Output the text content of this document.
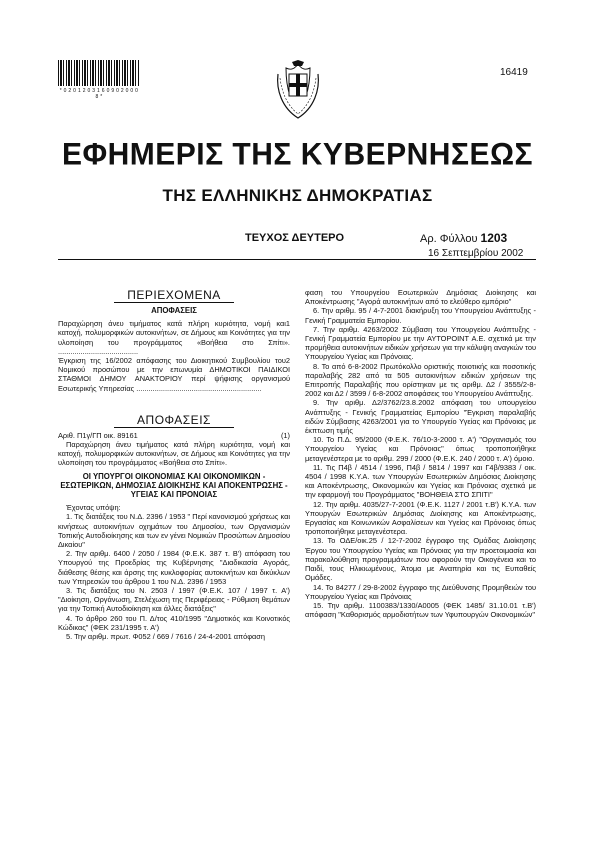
* 0 2 0 1 2 0 3 1 6 0 9 0 2 0 0 0 8 *
16419
ΕΦΗΜΕΡΙΣ ΤΗΣ ΚΥΒΕΡΝΗΣΕΩΣ
ΤΗΣ ΕΛΛΗΝΙΚΗΣ ΔΗΜΟΚΡΑΤΙΑΣ
ΤΕΥΧΟΣ ΔΕΥΤΕΡΟ	Αρ. Φύλλου 1203
16 Σεπτεμβρίου 2002

ΠΕΡΙΕΧΟΜΕΝΑ

ΑΠΟΦΑΣΕΙΣ

1
Παραχώρηση άνευ τιμήματος κατά πλήρη κυριότητα, νομή και κατοχή, πολυμορφικών αυτοκινήτων, σε Δήμους και Κοινότητες για την υλοποίηση του προγράμματος «Βοήθεια στο Σπίτι». .......................................

2
Έγκριση της 16/2002 απόφασης του Διοικητικού Συμβουλίου του Νομικού προσώπου με την επωνυμία ΔΗΜΟΤΙΚΟΙ ΠΑΙΔΙΚΟΙ ΣΤΑΘΜΟΙ ΔΗΜΟΥ ΑΝΑΚΤΟΡΙΟΥ περί ψήφισης οργανισμού Εσωτερικής Υπηρεσίας .............................................................

ΑΠΟΦΑΣΕΙΣ

(1)
Αριθ. Π1γ/ΓΠ οικ. 89161

Παραχώρηση άνευ τιμήματος κατά πλήρη κυριότητα, νομή και κατοχή, πολυμορφικών αυτοκινήτων, σε Δήμους και Κοινότητες για την υλοποίηση του προγράμματος «Βοήθεια στο Σπίτι».

ΟΙ ΥΠΟΥΡΓΟΙ ΟΙΚΟΝΟΜΙΑΣ ΚΑΙ ΟΙΚΟΝΟΜΙΚΩΝ - ΕΣΩΤΕΡΙΚΩΝ, ΔΗΜΟΣΙΑΣ ΔΙΟΙΚΗΣΗΣ ΚΑΙ ΑΠΟΚΕΝΤΡΩΣΗΣ - ΥΓΕΙΑΣ ΚΑΙ ΠΡΟΝΟΙΑΣ

Έχοντας υπόψη:

1. Τις διατάξεις του Ν.Δ. 2396 / 1953 " Περί κανονισμού χρήσεως και κινήσεως αυτοκινήτων οχημάτων του Δημοσίου, των Οργανισμών Τοπικής Αυτοδιοίκησης και των εν γένει Νομικών Προσώπων Δημοσίου Δικαίου"

2. Την αριθμ. 6400 / 2050 / 1984 (Φ.Ε.Κ. 387 τ. Β') απόφαση του Υπουργού της Προεδρίας της Κυβέρνησης "Διαδικασία Αγοράς, διάθεσης θέσης και άρσης της κυκλοφορίας αυτοκινήτων και δικύκλων των Υπηρεσιών του άρθρου 1 του Ν.Δ. 2396 / 1953

3. Τις διατάξεις του Ν. 2503 / 1997 (Φ.Ε.Κ. 107 / 1997 τ. Α') "Διοίκηση, Οργάνωση, Στελέχωση της Περιφέρειας - Ρύθμιση θεμάτων για την Τοπική Αυτοδιοίκηση και άλλες διατάξεις"

4. Το άρθρο 260 του Π. Δ/τος 410/1995 "Δημοτικός και Κοινοτικός Κώδικας" (ΦΕΚ 231/1995 τ. Α')

5. Την αριθμ. πρωτ. Φ052 / 669 / 7616 / 24-4-2001 απόφαση

φαση του Υπουργείου Εσωτερικών Δημόσιας Διοίκησης και Αποκέντρωσης "Αγορά αυτοκινήτων από το ελεύθερο εμπόριο"

6. Την αριθμ. 95 / 4-7-2001 διακήρυξη του Υπουργείου Ανάπτυξης - Γενική Γραμματεία Εμπορίου.

7. Την αριθμ. 4263/2002 Σύμβαση του Υπουργείου Ανάπτυξης - Γενική Γραμματεία Εμπορίου με την AYTOPOINT Α.Ε. σχετικά με την προμήθεια αυτοκινήτων ειδικών χρήσεων για την κάλυψη αναγκών του Υπουργείου Υγείας και Πρόνοιας.

8. Το από 6-8-2002 Πρωτόκολλο οριστικής ποιοτικής και ποσοτικής παραλαβής 282 από τα 505 αυτοκινήτων ειδικών χρήσεων της Επιτροπής Παραλαβής που ορίστηκαν με τις αριθμ. Δ2 / 3555/2-8-2002 και Δ2 / 3599 / 6-8-2002 αποφάσεις του Υπουργείου Ανάπτυξης.

9. Την αριθμ. Δ2/3762/23.8.2002 απόφαση του υπουργείου Ανάπτυξης - Γενικής Γραμματείας Εμπορίου "Έγκριση παραλαβής ειδών Σύμβασης 4263/2001 για το Υπουργείο Υγείας και Πρόνοιας με έκπτωση τιμής

10. Το Π.Δ. 95/2000 (Φ.Ε.Κ. 76/10-3-2000 τ. Α') "Οργανισμός του Υπουργείου Υγείας και Πρόνοιας" όπως τροποποιήθηκε μεταγενέστερα με το αριθμ. 299 / 2000 (Φ.Ε.Κ. 240 / 2000 τ. Α') όμοιο.

11. Τις Π4β / 4514 / 1996, Π4β / 5814 / 1997 και Γ4β/9383 / οικ. 4504 / 1998 Κ.Υ.Α. των Υπουργών Εσωτερικών Δημόσιας Διοίκησης και Αποκέντρωσης, Οικονομικών και Υγείας και Πρόνοιας σχετικά με την εφαρμογή του Προγράμματος "ΒΟΗΘΕΙΑ ΣΤΟ ΣΠΙΤΙ"

12. Την αριθμ. 4035/27-7-2001 (Φ.Ε.Κ. 1127 / 2001 τ.Β') Κ.Υ.Α. των Υπουργών Εσωτερικών Δημόσιας Διοίκησης και Αποκέντρωσης, Εργασίας και Κοινωνικών Ασφαλίσεων και Υγείας και Πρόνοιας όπως τροποποιήθηκε μεταγενέστερα.

13. Το ΟΔΕ/οικ.25 / 12-7-2002 έγγραφο της Ομάδας Διοίκησης Έργου του Υπουργείου Υγείας και Πρόνοιας για την προετοιμασία και παρακολούθηση προγραμμάτων που αφορούν την Οικογένεια και το Παιδί, τους Ηλικιωμένους, Άτομα με Αναπηρία και τις Ευπαθείς Ομάδες.

14. Το 84277 / 29-8-2002 έγγραφο της Διεύθυνσης Προμηθειών του Υπουργείου Υγείας και Πρόνοιας

15. Την αριθμ. 1100383/1330/Α0005 (ΦΕΚ 1485/ 31.10.01 τ.Β') απόφαση "Καθορισμός αρμοδιοτήτων των Υφυπουργών Οικονομικών"
